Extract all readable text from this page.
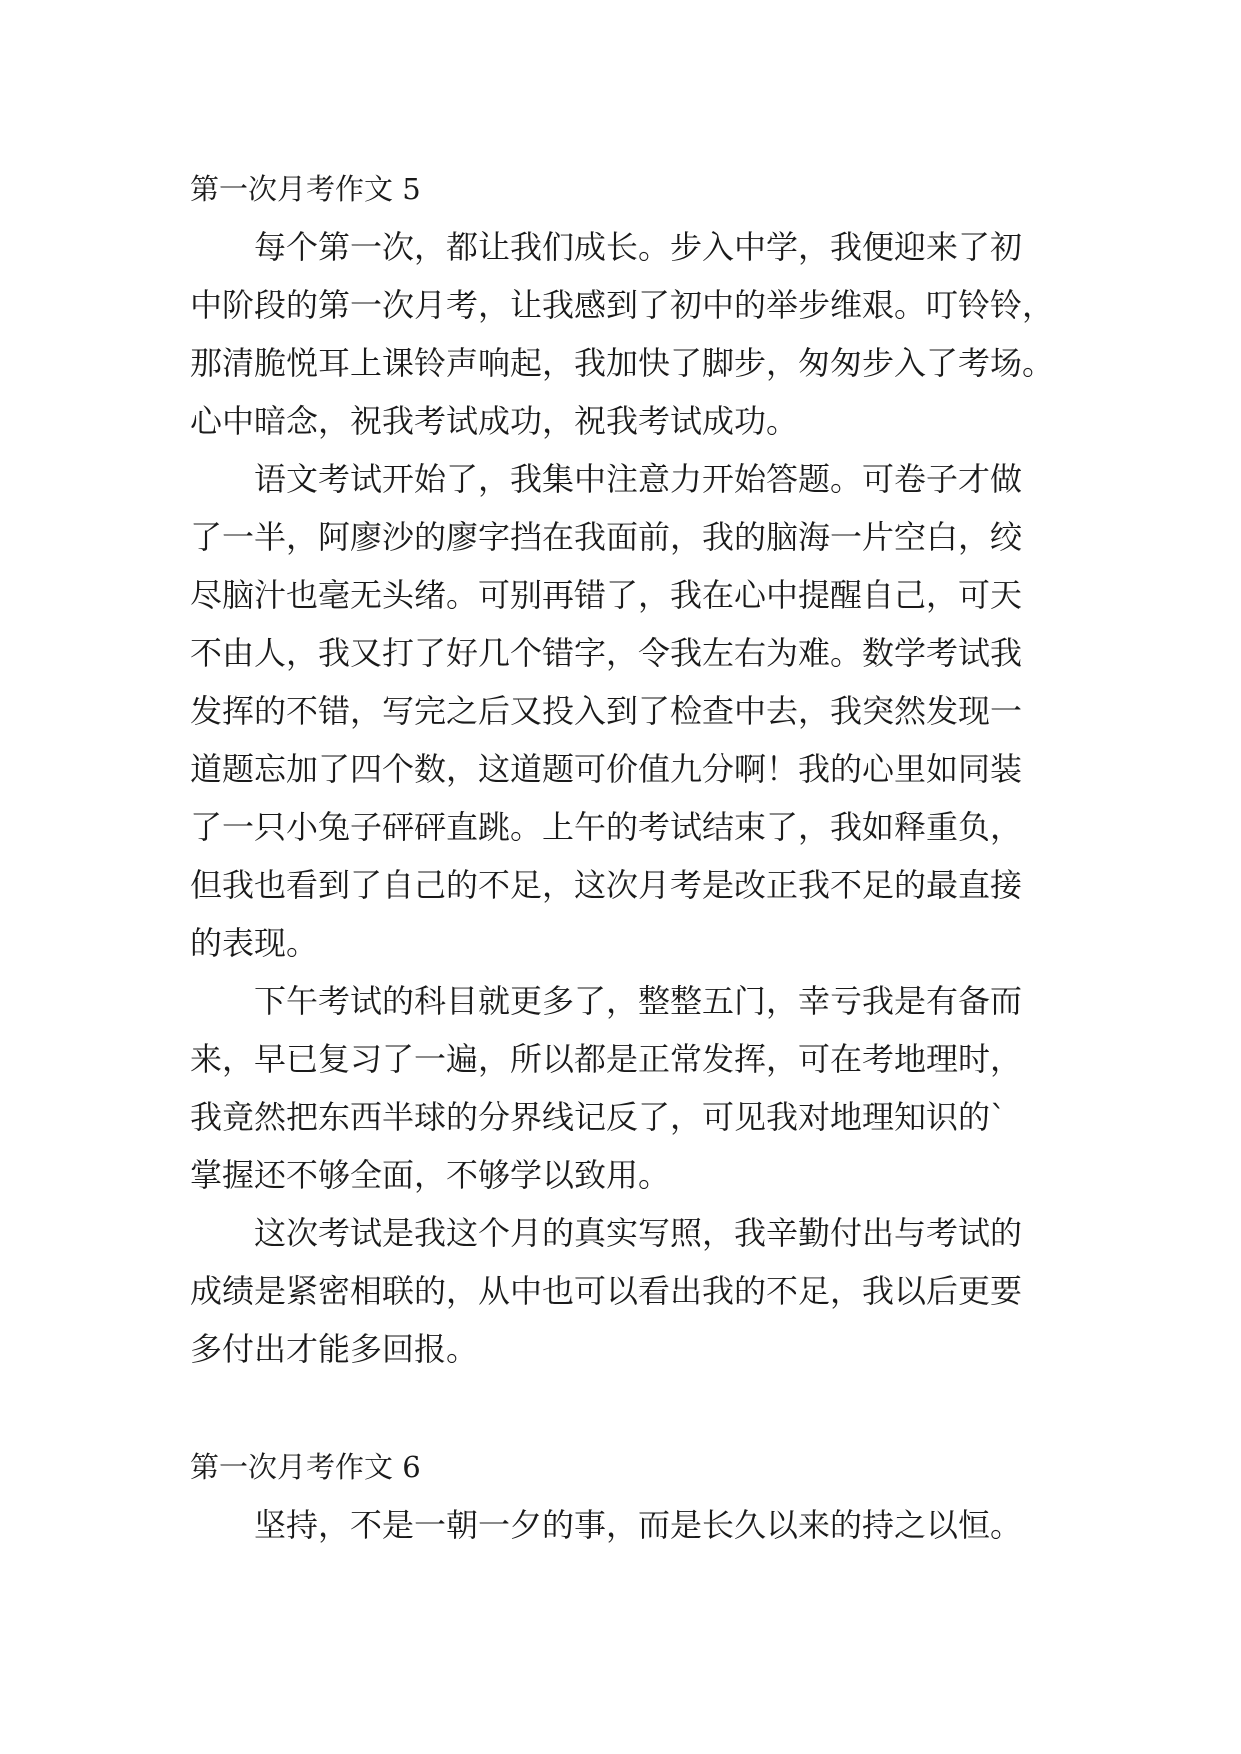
第一次月考作文 5

每个第一次，都让我们成长。步入中学，我便迎来了初
中阶段的第一次月考，让我感到了初中的举步维艰。叮铃铃，
那清脆悦耳上课铃声响起，我加快了脚步，匆匆步入了考场。
心中暗念，祝我考试成功，祝我考试成功。

语文考试开始了，我集中注意力开始答题。可卷子才做
了一半，阿廖沙的廖字挡在我面前，我的脑海一片空白，绞
尽脑汁也毫无头绪。可别再错了，我在心中提醒自己，可天
不由人，我又打了好几个错字，令我左右为难。数学考试我
发挥的不错，写完之后又投入到了检查中去，我突然发现一
道题忘加了四个数，这道题可价值九分啊！我的心里如同装
了一只小兔子砰砰直跳。上午的考试结束了，我如释重负，
但我也看到了自己的不足，这次月考是改正我不足的最直接
的表现。

下午考试的科目就更多了，整整五门，幸亏我是有备而
来，早已复习了一遍，所以都是正常发挥，可在考地理时，
我竟然把东西半球的分界线记反了，可见我对地理知识的`
掌握还不够全面，不够学以致用。

这次考试是我这个月的真实写照，我辛勤付出与考试的
成绩是紧密相联的，从中也可以看出我的不足，我以后更要
多付出才能多回报。

第一次月考作文 6

坚持，不是一朝一夕的事，而是长久以来的持之以恒。
